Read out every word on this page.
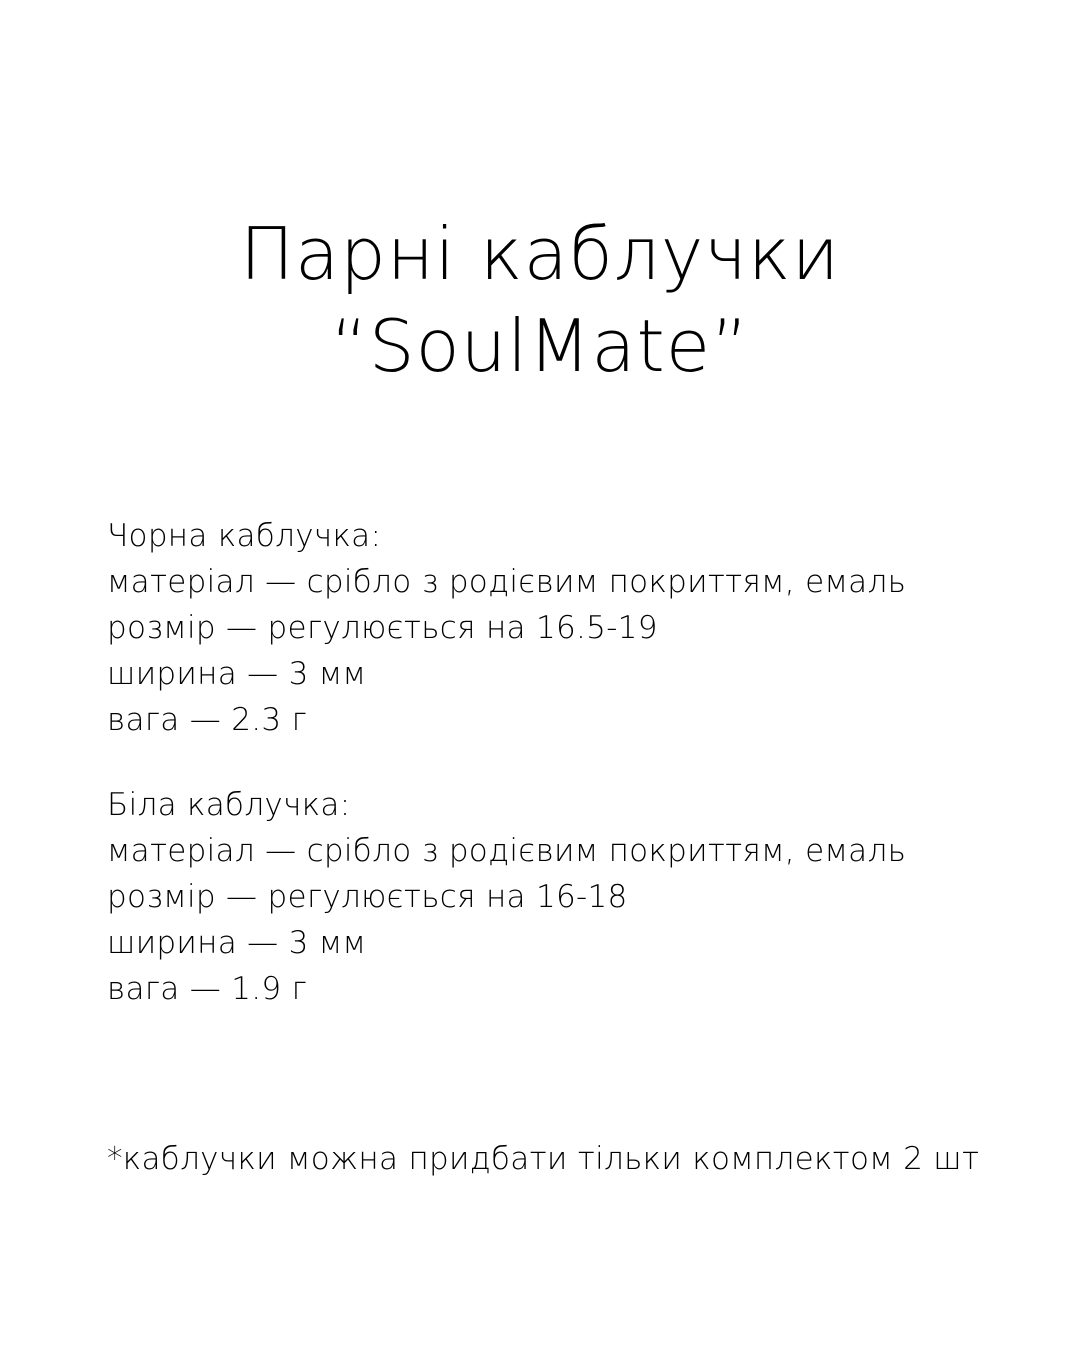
Парні каблучки
“SoulMate”
Чорна каблучка:
матеріал — срібло з родієвим покриттям, емаль
розмір — регулюється на 16.5-19
ширина — 3 мм
вага — 2.3 г
Біла каблучка:
матеріал — срібло з родієвим покриттям, емаль
розмір — регулюється на 16-18
ширина — 3 мм
вага — 1.9 г
*каблучки можна придбати тільки комплектом 2 шт
